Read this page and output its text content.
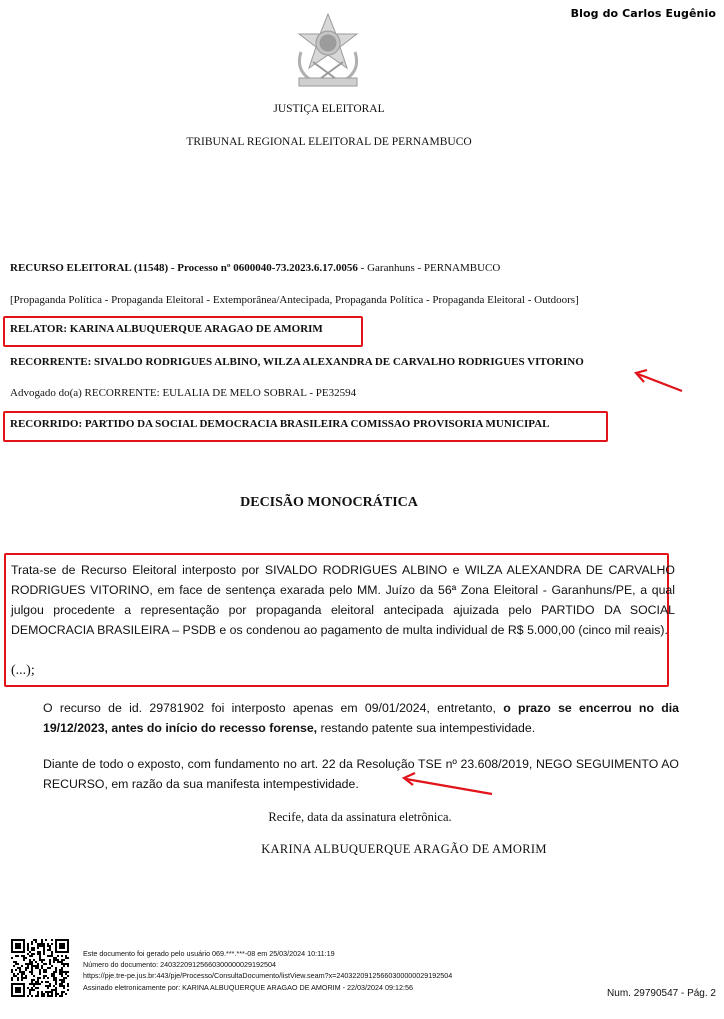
Blog do Carlos Eugênio
JUSTIÇA ELEITORAL
TRIBUNAL REGIONAL ELEITORAL DE PERNAMBUCO
RECURSO ELEITORAL (11548) - Processo nº 0600040-73.2023.6.17.0056 - Garanhuns - PERNAMBUCO
[Propaganda Política - Propaganda Eleitoral - Extemporânea/Antecipada, Propaganda Política - Propaganda Eleitoral - Outdoors]
RELATOR: KARINA ALBUQUERQUE ARAGAO DE AMORIM
RECORRENTE: SIVALDO RODRIGUES ALBINO, WILZA ALEXANDRA DE CARVALHO RODRIGUES VITORINO
Advogado do(a) RECORRENTE: EULALIA DE MELO SOBRAL - PE32594
RECORRIDO: PARTIDO DA SOCIAL DEMOCRACIA BRASILEIRA COMISSAO PROVISORIA MUNICIPAL
DECISÃO MONOCRÁTICA
Trata-se de Recurso Eleitoral interposto por SIVALDO RODRIGUES ALBINO e WILZA ALEXANDRA DE CARVALHO RODRIGUES VITORINO, em face de sentença exarada pelo MM. Juízo da 56ª Zona Eleitoral - Garanhuns/PE, a qual julgou procedente a representação por propaganda eleitoral antecipada ajuizada pelo PARTIDO DA SOCIAL DEMOCRACIA BRASILEIRA – PSDB e os condenou ao pagamento de multa individual de R$ 5.000,00 (cinco mil reais).
(...);
O recurso de id. 29781902 foi interposto apenas em 09/01/2024, entretanto, o prazo se encerrou no dia 19/12/2023, antes do início do recesso forense, restando patente sua intempestividade.
Diante de todo o exposto, com fundamento no art. 22 da Resolução TSE nº 23.608/2019, NEGO SEGUIMENTO AO RECURSO, em razão da sua manifesta intempestividade.
Recife, data da assinatura eletrônica.
KARINA ALBUQUERQUE ARAGÃO DE AMORIM
Este documento foi gerado pelo usuário 069.***.***-08 em 25/03/2024 10:11:19
Número do documento: 24032209125660300000029192504
https://pje.tre-pe.jus.br:443/pje/Processo/ConsultaDocumento/listView.seam?x=24032209125660300000029192504
Assinado eletronicamente por: KARINA ALBUQUERQUE ARAGAO DE AMORIM - 22/03/2024 09:12:56
Num. 29790547 - Pág. 2
